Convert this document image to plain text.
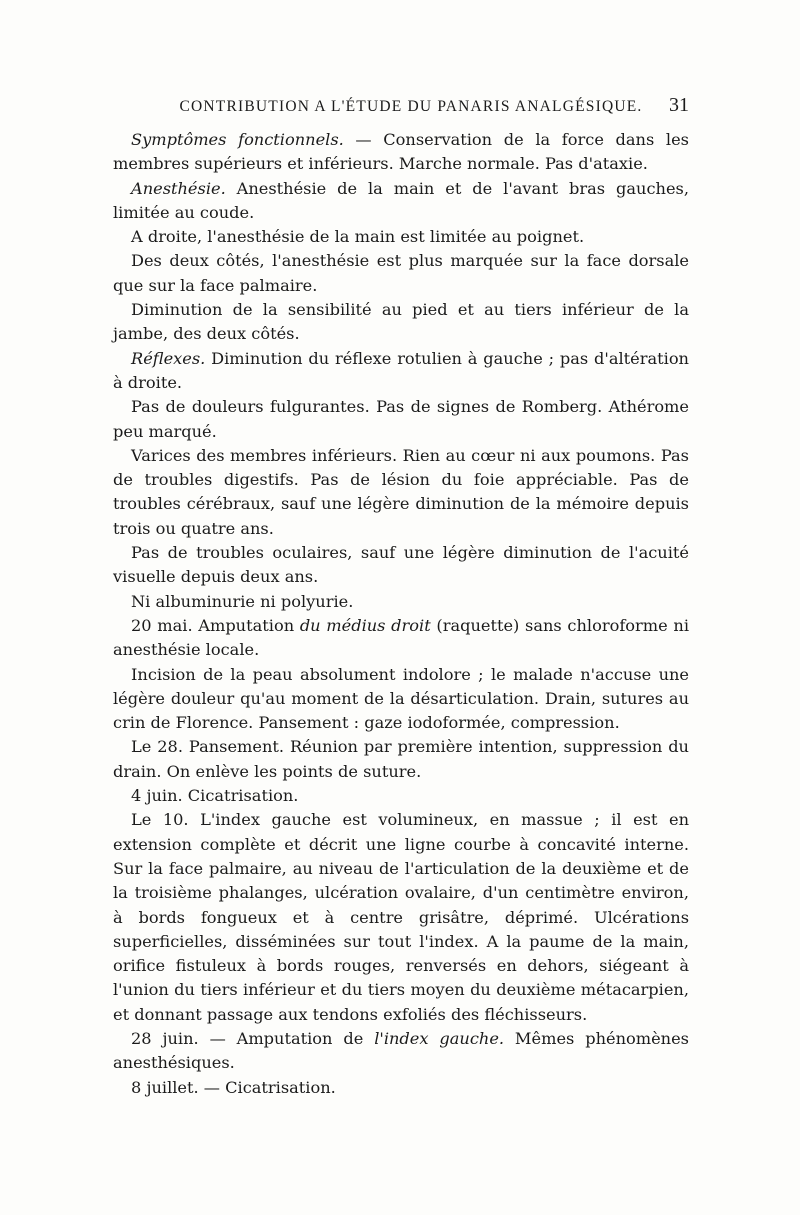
CONTRIBUTION A L'ÉTUDE DU PANARIS ANALGÉSIQUE. 31

Symptômes fonctionnels. — Conservation de la force dans les membres supérieurs et inférieurs. Marche normale. Pas d'ataxie.

Anesthésie. Anesthésie de la main et de l'avant bras gauches, limitée au coude.

A droite, l'anesthésie de la main est limitée au poignet.

Des deux côtés, l'anesthésie est plus marquée sur la face dorsale que sur la face palmaire.

Diminution de la sensibilité au pied et au tiers inférieur de la jambe, des deux côtés.

Réflexes. Diminution du réflexe rotulien à gauche ; pas d'altération à droite.

Pas de douleurs fulgurantes. Pas de signes de Romberg. Athérome peu marqué.

Varices des membres inférieurs. Rien au cœur ni aux poumons. Pas de troubles digestifs. Pas de lésion du foie appréciable. Pas de troubles cérébraux, sauf une légère diminution de la mémoire depuis trois ou quatre ans.

Pas de troubles oculaires, sauf une légère diminution de l'acuité visuelle depuis deux ans.

Ni albuminurie ni polyurie.

20 mai. Amputation du médius droit (raquette) sans chloroforme ni anesthésie locale.

Incision de la peau absolument indolore ; le malade n'accuse une légère douleur qu'au moment de la désarticulation. Drain, sutures au crin de Florence. Pansement : gaze iodoformée, compression.

Le 28. Pansement. Réunion par première intention, suppression du drain. On enlève les points de suture.

4 juin. Cicatrisation.

Le 10. L'index gauche est volumineux, en massue ; il est en extension complète et décrit une ligne courbe à concavité interne. Sur la face palmaire, au niveau de l'articulation de la deuxième et de la troisième phalanges, ulcération ovalaire, d'un centimètre environ, à bords fongueux et à centre grisâtre, déprimé. Ulcérations superficielles, disséminées sur tout l'index. A la paume de la main, orifice fistuleux à bords rouges, renversés en dehors, siégeant à l'union du tiers inférieur et du tiers moyen du deuxième métacarpien, et donnant passage aux tendons exfoliés des fléchisseurs.

28 juin. — Amputation de l'index gauche. Mêmes phénomènes anesthésiques.

8 juillet. — Cicatrisation.
